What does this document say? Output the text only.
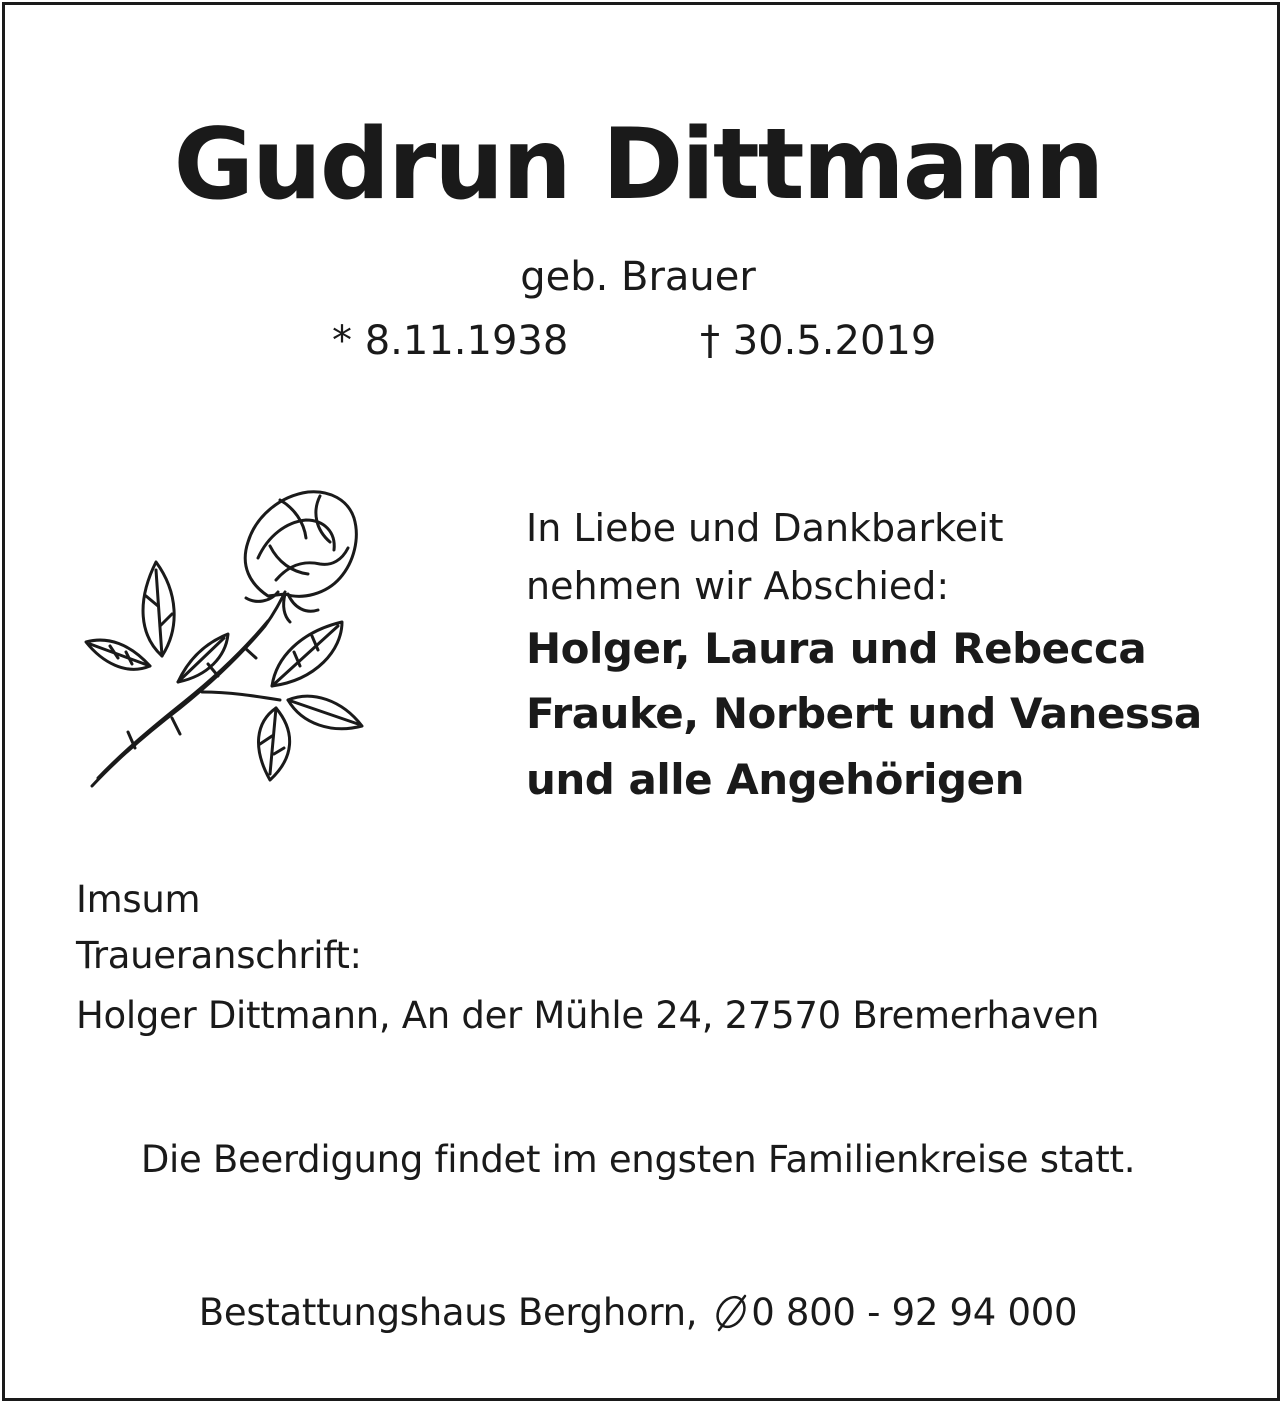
Gudrun Dittmann
geb. Brauer
* 8.11.1938	† 30.5.2019
In Liebe und Dankbarkeit
nehmen wir Abschied:
Holger, Laura und Rebecca
Frauke, Norbert und Vanessa
und alle Angehörigen
Imsum
Traueranschrift:
Holger Dittmann, An der Mühle 24, 27570 Bremerhaven
Die Beerdigung findet im engsten Familienkreise statt.
Bestattungshaus Berghorn, 0 800 - 92 94 000
